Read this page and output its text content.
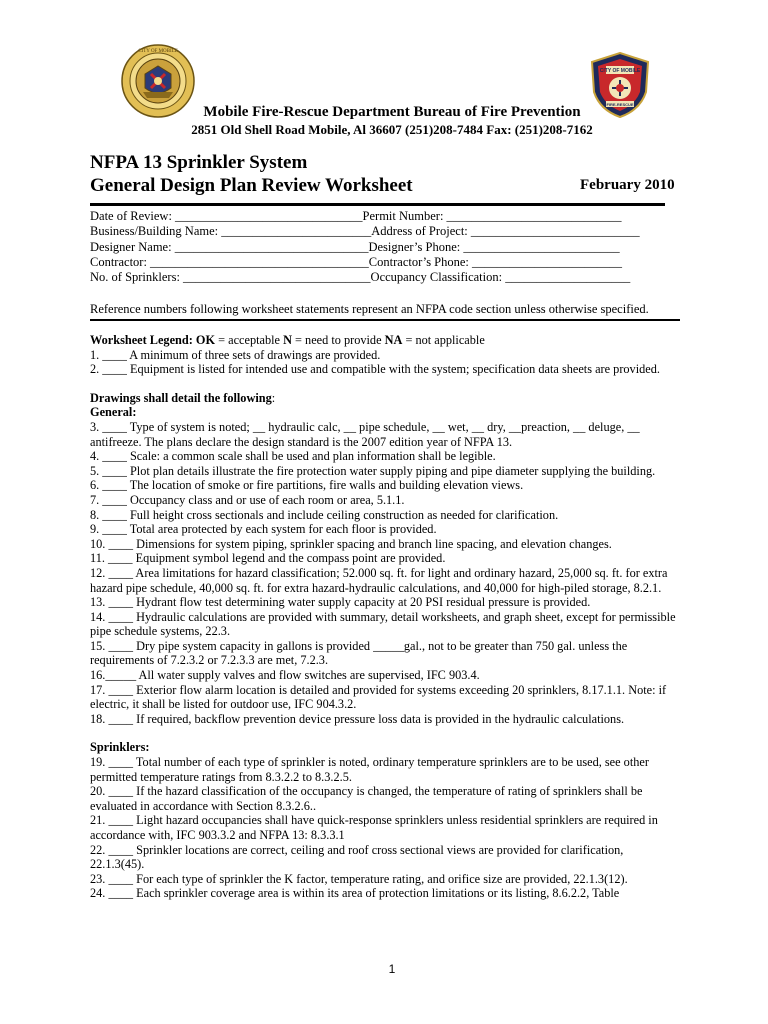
CITY OF MOBILE
CITY OF MOBILE
FIRE-RESCUE
Mobile Fire-Rescue Department Bureau of Fire Prevention
2851 Old Shell Road Mobile, Al 36607 (251)208-7484 Fax: (251)208-7162
NFPA 13 Sprinkler System
General Design Plan Review Worksheet	February 2010
Date of Review: ______________________________Permit Number: ____________________________
Business/Building Name: ________________________Address of Project: ___________________________
Designer Name: _______________________________Designer’s Phone: _________________________
Contractor: ___________________________________Contractor’s Phone: ________________________
No. of Sprinklers: ______________________________Occupancy Classification: ____________________
Reference numbers following worksheet statements represent an NFPA code section unless otherwise specified.

Worksheet Legend: OK = acceptable N = need to provide NA = not applicable

1. ____ A minimum of three sets of drawings are provided.

2. ____ Equipment is listed for intended use and compatible with the system; specification data sheets are provided.

Drawings shall detail the following:

General:

3. ____ Type of system is noted; __ hydraulic calc, __ pipe schedule, __ wet, __ dry, __preaction, __ deluge, __ antifreeze. The plans declare the design standard is the 2007 edition year of NFPA 13.

4. ____ Scale: a common scale shall be used and plan information shall be legible.

5. ____ Plot plan details illustrate the fire protection water supply piping and pipe diameter supplying the building.

6. ____ The location of smoke or fire partitions, fire walls and building elevation views.

7. ____ Occupancy class and or use of each room or area, 5.1.1.

8. ____ Full height cross sectionals and include ceiling construction as needed for clarification.

9. ____ Total area protected by each system for each floor is provided.

10. ____ Dimensions for system piping, sprinkler spacing and branch line spacing, and elevation changes.

11. ____ Equipment symbol legend and the compass point are provided.

12. ____ Area limitations for hazard classification; 52.000 sq. ft. for light and ordinary hazard, 25,000 sq. ft. for extra hazard pipe schedule, 40,000 sq. ft. for extra hazard-hydraulic calculations, and 40,000 for high-piled storage, 8.2.1.

13. ____ Hydrant flow test determining water supply capacity at 20 PSI residual pressure is provided.

14. ____ Hydraulic calculations are provided with summary, detail worksheets, and graph sheet, except for permissible pipe schedule systems, 22.3.

15. ____ Dry pipe system capacity in gallons is provided _____gal., not to be greater than 750 gal. unless the requirements of 7.2.3.2 or 7.2.3.3 are met, 7.2.3.

16._____ All water supply valves and flow switches are supervised, IFC 903.4.

17. ____ Exterior flow alarm location is detailed and provided for systems exceeding 20 sprinklers, 8.17.1.1. Note: if electric, it shall be listed for outdoor use, IFC 904.3.2.

18. ____ If required, backflow prevention device pressure loss data is provided in the hydraulic calculations.

Sprinklers:

19. ____ Total number of each type of sprinkler is noted, ordinary temperature sprinklers are to be used, see other permitted temperature ratings from 8.3.2.2 to 8.3.2.5.

20. ____ If the hazard classification of the occupancy is changed, the temperature of rating of sprinklers shall be evaluated in accordance with Section 8.3.2.6..

21. ____ Light hazard occupancies shall have quick-response sprinklers unless residential sprinklers are required in accordance with, IFC 903.3.2 and NFPA 13: 8.3.3.1

22. ____ Sprinkler locations are correct, ceiling and roof cross sectional views are provided for clarification, 22.1.3(45).

23. ____ For each type of sprinkler the K factor, temperature rating, and orifice size are provided, 22.1.3(12).

24. ____ Each sprinkler coverage area is within its area of protection limitations or its listing, 8.6.2.2, Table

1
